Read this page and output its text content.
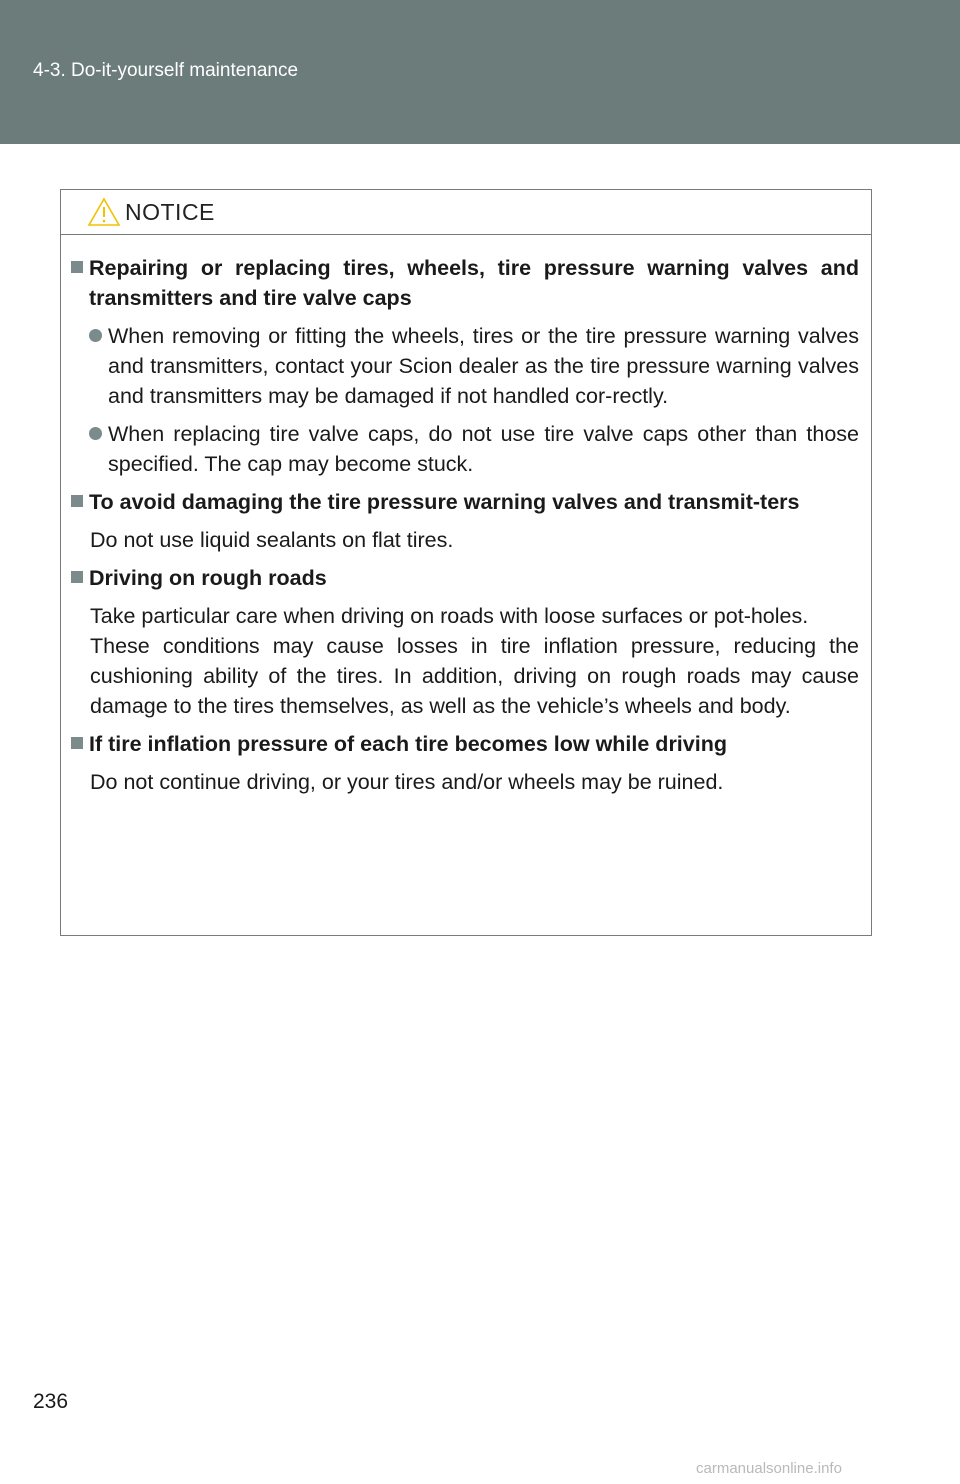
4-3. Do-it-yourself maintenance
NOTICE
Repairing or replacing tires, wheels, tire pressure warning valves and transmitters and tire valve caps
When removing or fitting the wheels, tires or the tire pressure warning valves and transmitters, contact your Scion dealer as the tire pressure warning valves and transmitters may be damaged if not handled cor-rectly.
When replacing tire valve caps, do not use tire valve caps other than those specified. The cap may become stuck.
To avoid damaging the tire pressure warning valves and transmit-ters
Do not use liquid sealants on flat tires.
Driving on rough roads
Take particular care when driving on roads with loose surfaces or pot-holes.
These conditions may cause losses in tire inflation pressure, reducing the cushioning ability of the tires. In addition, driving on rough roads may cause damage to the tires themselves, as well as the vehicle’s wheels and body.
If tire inflation pressure of each tire becomes low while driving
Do not continue driving, or your tires and/or wheels may be ruined.
236
carmanualsonline.info
